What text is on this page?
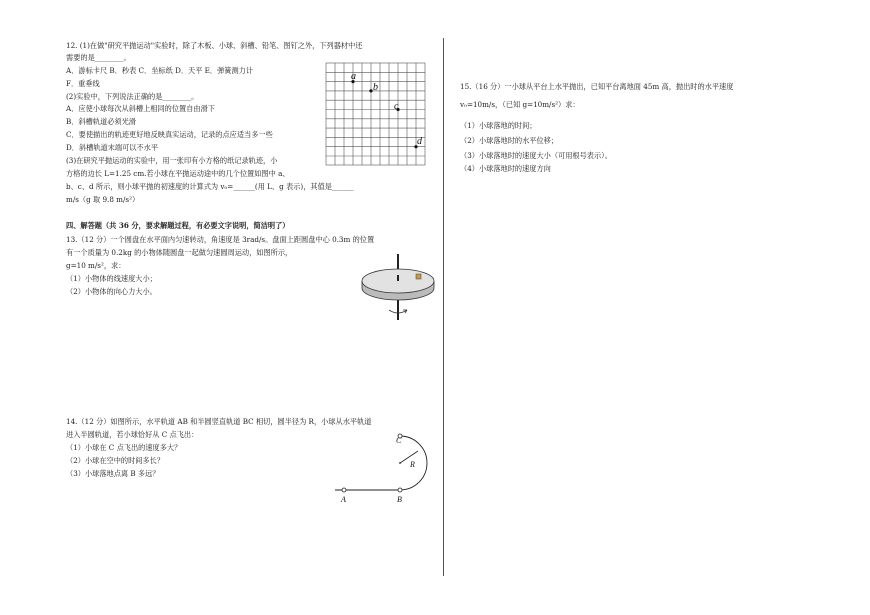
12. (1)在做"研究平抛运动"实验时，除了木板、小球、斜槽、铅笔、图钉之外，下列器材中还
需要的是________。
A．游标卡尺 B．秒表 C．坐标纸 D．天平 E．弹簧测力计
F．重垂线
(2)实验中，下列说法正确的是________。
A．应使小球每次从斜槽上相同的位置自由滑下
B．斜槽轨道必须光滑
C．要使描出的轨迹更好地反映真实运动，记录的点应适当多一些
D．斜槽轨道末端可以不水平
(3)在研究平抛运动的实验中，用一张印有小方格的纸记录轨迹，小
方格的边长 L=1.25 cm.若小球在平抛运动途中的几个位置如图中 a、
b、c、d 所示，则小球平抛的初速度的计算式为 v₀=______(用 L、g 表示)，其值是______
m/s（g 取 9.8 m/s²）
a
b
c
d
四、解答题（共 36 分，要求解题过程，有必要文字说明，简洁明了）
13.（12 分）一个圆盘在水平面内匀速转动，角速度是 3rad/s。盘面上距圆盘中心 0.3m 的位置
有一个质量为 0.2kg 的小物体随圆盘一起做匀速圆周运动，如图所示，
g=10 m/s²，求：
（1）小物体的线速度大小；
（2）小物体的向心力大小。
14.（12 分）如图所示，水平轨道 AB 和半圆竖直轨道 BC 相切，圆半径为 R，小球从水平轨道
进入半圆轨道，若小球恰好从 C 点飞出：
（1）小球在 C 点飞出的速度多大？
（2）小球在空中的时间多长？
（3）小球落地点离 B 多远？
A	B
C
R
15.（16 分）一小球从平台上水平抛出，已知平台离地面 45m 高，抛出时的水平速度
v₀=10m/s，（已知 g=10m/s²）求：
（1）小球落地的时间；
（2）小球落地时的水平位移；
（3）小球落地时的速度大小（可用根号表示）。
（4）小球落地时的速度方向
